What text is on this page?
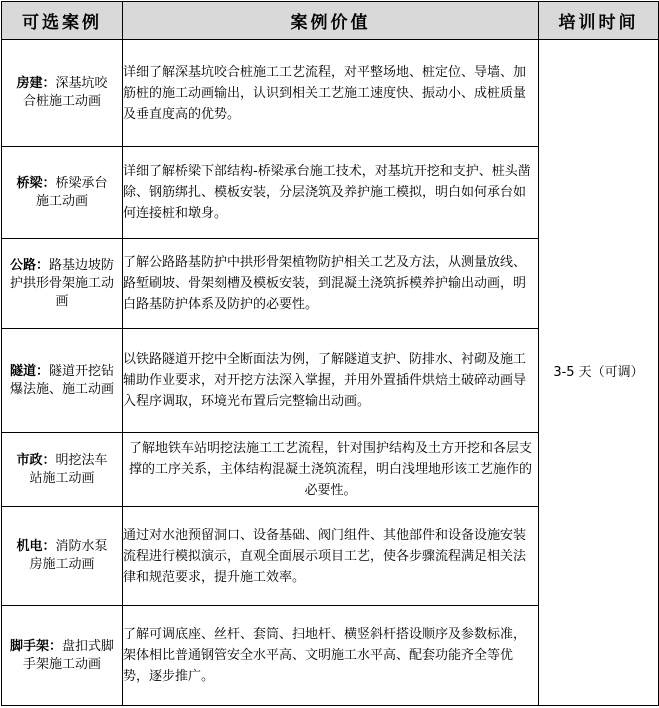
可选案例	案例价值	培训时间
房建：深基坑咬合桩施工动画	详细了解深基坑咬合桩施工工艺流程，对平整场地、桩定位、导墙、加筋桩的施工动画输出，认识到相关工艺施工速度快、振动小、成桩质量及垂直度高的优势。	3-5 天（可调）
桥梁：桥梁承台施工动画	详细了解桥梁下部结构-桥梁承台施工技术，对基坑开挖和支护、桩头凿除、钢筋绑扎、模板安装，分层浇筑及养护施工模拟，明白如何承台如何连接桩和墩身。	
公路：路基边坡防护拱形骨架施工动画	了解公路路基防护中拱形骨架植物防护相关工艺及方法，从测量放线、路堑刷坡、骨架刻槽及模板安装，到混凝土浇筑拆模养护输出动画，明白路基防护体系及防护的必要性。	
隧道：隧道开挖钻爆法施、施工动画	以铁路隧道开挖中全断面法为例，了解隧道支护、防排水、衬砌及施工辅助作业要求，对开挖方法深入掌握，并用外置插件烘焙土破碎动画导入程序调取，环境光布置后完整输出动画。	
市政：明挖法车站施工动画	了解地铁车站明挖法施工工艺流程，针对围护结构及土方开挖和各层支撑的工序关系，主体结构混凝土浇筑流程，明白浅埋地形该工艺施作的必要性。	
机电：消防水泵房施工动画	通过对水池预留洞口、设备基础、阀门组件、其他部件和设备设施安装流程进行模拟演示，直观全面展示项目工艺，使各步骤流程满足相关法律和规范要求，提升施工效率。	
脚手架：盘扣式脚手架施工动画	了解可调底座、丝杆、套筒、扫地杆、横竖斜杆搭设顺序及参数标准，架体相比普通钢管安全水平高、文明施工水平高、配套功能齐全等优势，逐步推广。	
